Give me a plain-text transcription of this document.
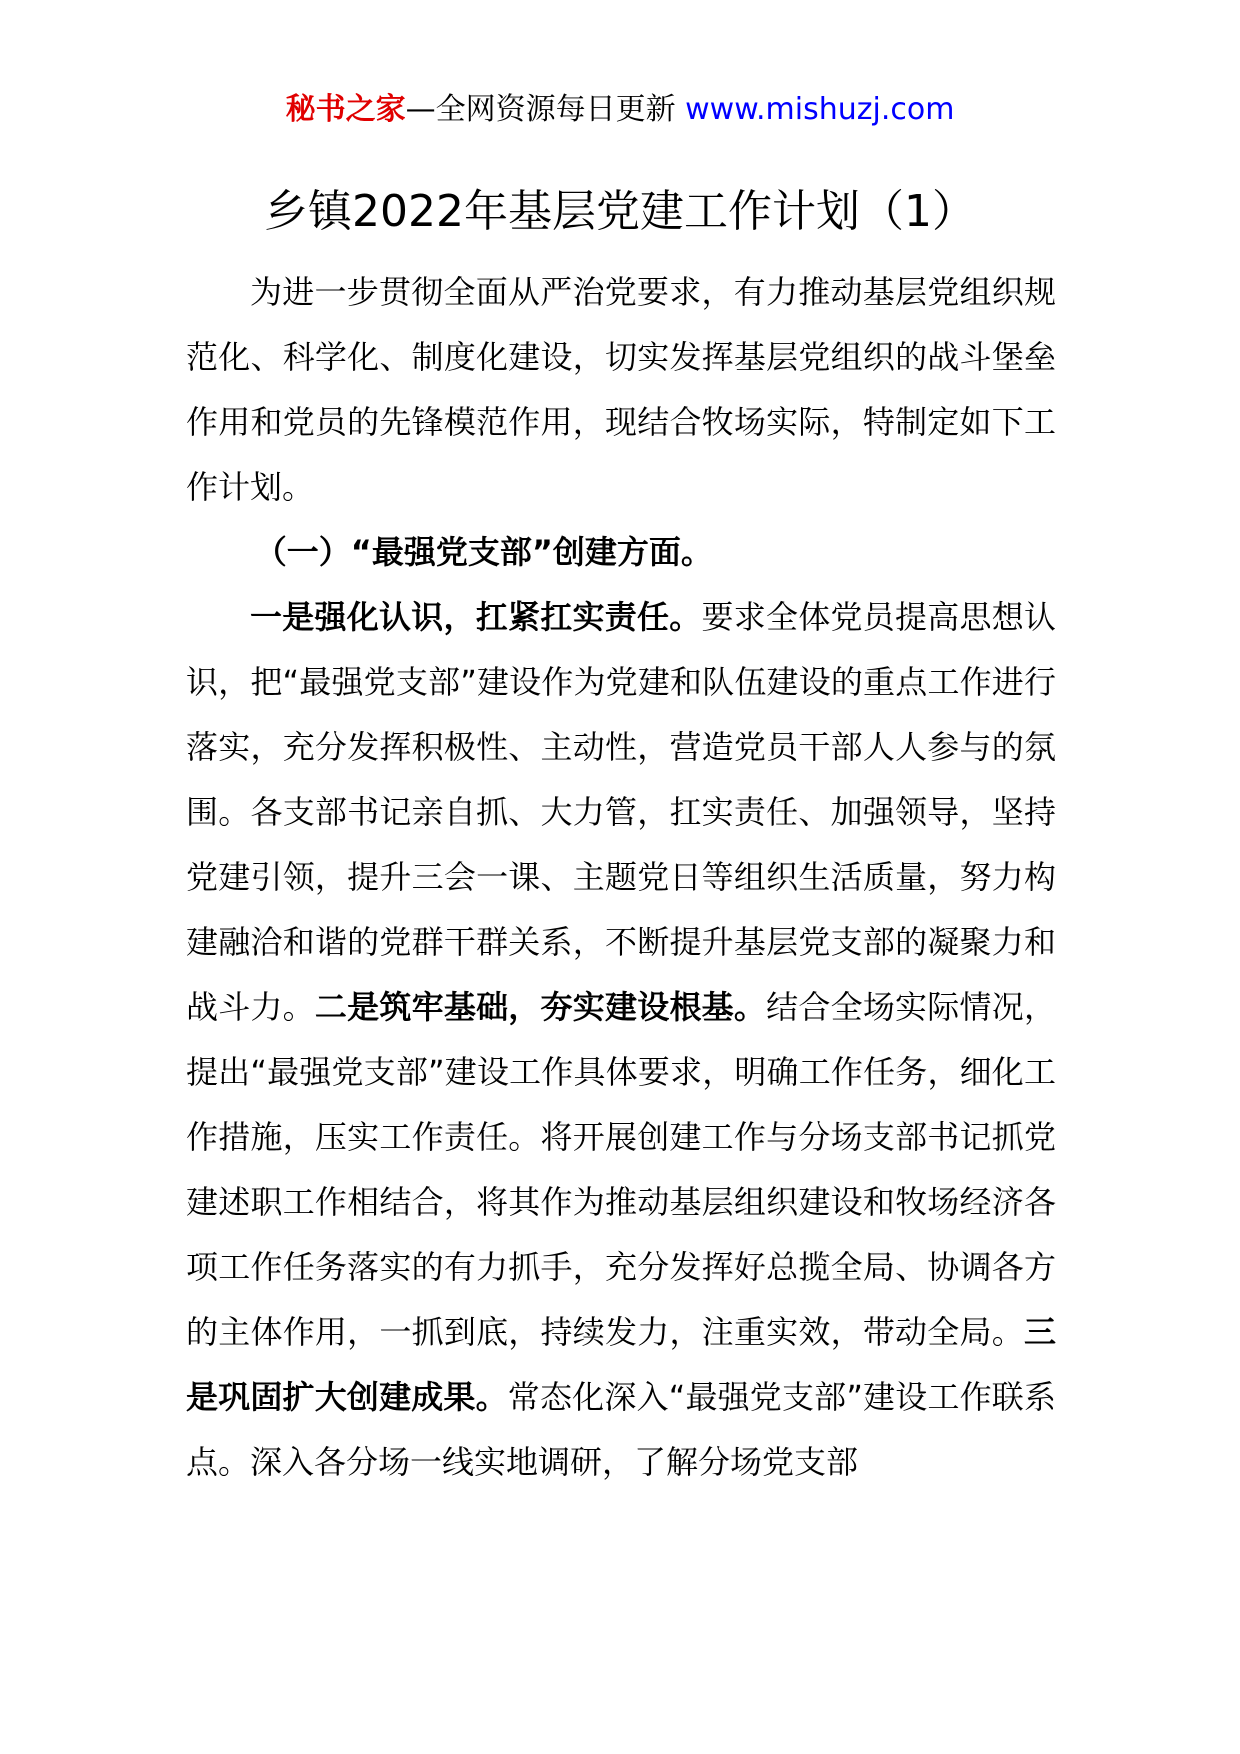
秘书之家—全网资源每日更新 www.mishuzj.com
乡镇2022年基层党建工作计划（1）

为进一步贯彻全面从严治党要求，有力推动基层党组织规范化、科学化、制度化建设，切实发挥基层党组织的战斗堡垒作用和党员的先锋模范作用，现结合牧场实际，特制定如下工作计划。

（一）“最强党支部”创建方面。

一是强化认识，扛紧扛实责任。要求全体党员提高思想认识，把“最强党支部”建设作为党建和队伍建设的重点工作进行落实，充分发挥积极性、主动性，营造党员干部人人参与的氛围。各支部书记亲自抓、大力管，扛实责任、加强领导，坚持党建引领，提升三会一课、主题党日等组织生活质量，努力构建融洽和谐的党群干群关系，不断提升基层党支部的凝聚力和战斗力。二是筑牢基础，夯实建设根基。结合全场实际情况，提出“最强党支部”建设工作具体要求，明确工作任务，细化工作措施，压实工作责任。将开展创建工作与分场支部书记抓党建述职工作相结合，将其作为推动基层组织建设和牧场经济各项工作任务落实的有力抓手，充分发挥好总揽全局、协调各方的主体作用，一抓到底，持续发力，注重实效，带动全局。三是巩固扩大创建成果。常态化深入“最强党支部”建设工作联系点。深入各分场一线实地调研，了解分场党支部
